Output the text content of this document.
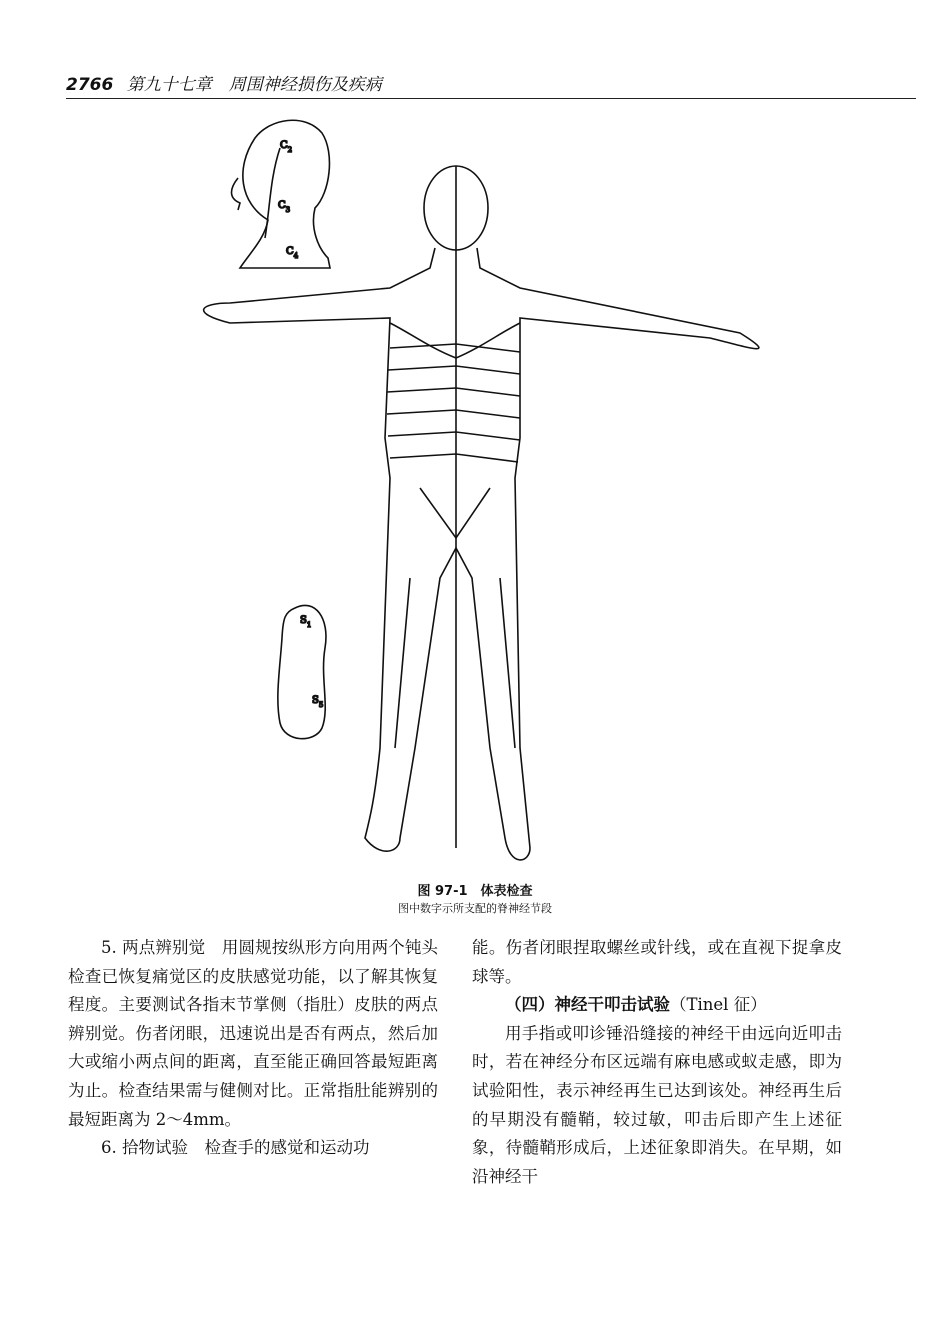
2766 第九十七章　周围神经损伤及疾病
$C_2$
$C_3$
$C_4$
$S_1$
$S_5$
图 97-1　体表检查
图中数字示所支配的脊神经节段

5. 两点辨别觉　用圆规按纵形方向用两个钝头检查已恢复痛觉区的皮肤感觉功能，以了解其恢复程度。主要测试各指末节掌侧（指肚）皮肤的两点辨别觉。伤者闭眼，迅速说出是否有两点，然后加大或缩小两点间的距离，直至能正确回答最短距离为止。检查结果需与健侧对比。正常指肚能辨别的最短距离为 2～4mm。

6. 拾物试验　检查手的感觉和运动功

能。伤者闭眼捏取螺丝或针线，或在直视下捉拿皮球等。

（四）神经干叩击试验（Tinel 征）

用手指或叩诊锤沿缝接的神经干由远向近叩击时，若在神经分布区远端有麻电感或蚁走感，即为试验阳性，表示神经再生已达到该处。神经再生后的早期没有髓鞘，较过敏，叩击后即产生上述征象，待髓鞘形成后，上述征象即消失。在早期，如沿神经干
